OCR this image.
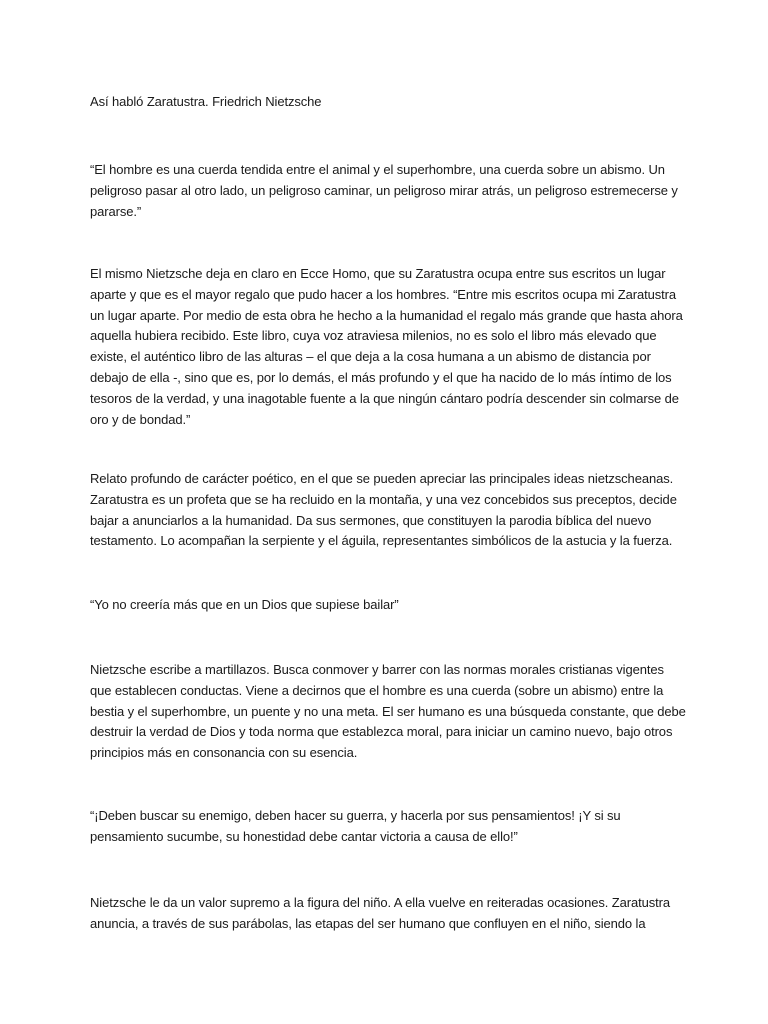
Así habló Zaratustra. Friedrich Nietzsche

“El hombre es una cuerda tendida entre el animal y el superhombre, una cuerda sobre un abismo. Un peligroso pasar al otro lado, un peligroso caminar, un peligroso mirar atrás, un peligroso estremecerse y pararse.”

El mismo Nietzsche deja en claro en Ecce Homo, que su Zaratustra ocupa entre sus escritos un lugar aparte y que es el mayor regalo que pudo hacer a los hombres. “Entre mis escritos ocupa mi Zaratustra un lugar aparte. Por medio de esta obra he hecho a la humanidad el regalo más grande que hasta ahora aquella hubiera recibido. Este libro, cuya voz atraviesa milenios, no es solo el libro más elevado que existe, el auténtico libro de las alturas – el que deja a la cosa humana a un abismo de distancia por debajo de ella -, sino que es, por lo demás, el más profundo y el que ha nacido de lo más íntimo de los tesoros de la verdad, y una inagotable fuente a la que ningún cántaro podría descender sin colmarse de oro y de bondad.”

Relato profundo de carácter poético, en el que se pueden apreciar las principales ideas nietzscheanas. Zaratustra es un profeta que se ha recluido en la montaña, y una vez concebidos sus preceptos, decide bajar a anunciarlos a la humanidad. Da sus sermones, que constituyen la parodia bíblica del nuevo testamento. Lo acompañan la serpiente y el águila, representantes simbólicos de la astucia y la fuerza.

“Yo no creería más que en un Dios que supiese bailar”

Nietzsche escribe a martillazos. Busca conmover y barrer con las normas morales cristianas vigentes que establecen conductas. Viene a decirnos que el hombre es una cuerda (sobre un abismo) entre la bestia y el superhombre, un puente y no una meta. El ser humano es una búsqueda constante, que debe destruir la verdad de Dios y toda norma que establezca moral, para iniciar un camino nuevo, bajo otros principios más en consonancia con su esencia.

“¡Deben buscar su enemigo, deben hacer su guerra, y hacerla por sus pensamientos! ¡Y si su pensamiento sucumbe, su honestidad debe cantar victoria a causa de ello!”

Nietzsche le da un valor supremo a la figura del niño. A ella vuelve en reiteradas ocasiones. Zaratustra anuncia, a través de sus parábolas, las etapas del ser humano que confluyen en el niño, siendo la
